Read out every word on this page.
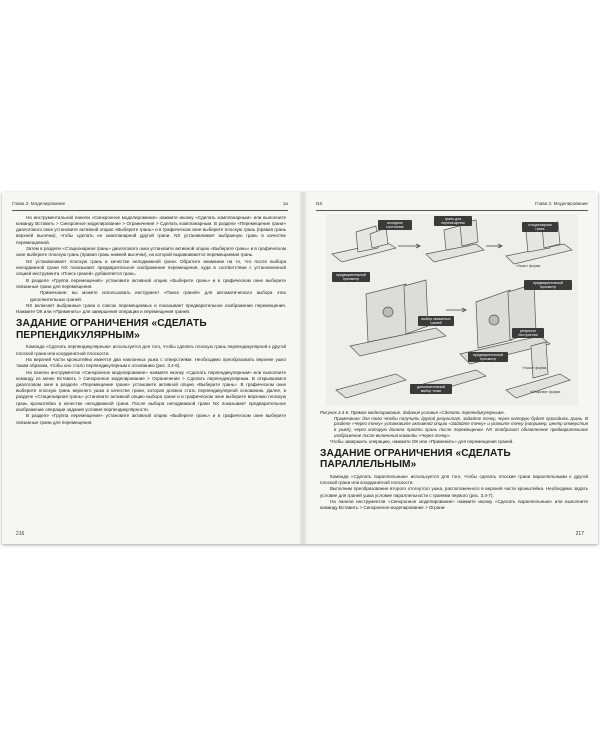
Глава 3. Моделирование	1a

На инструментальной панели «Синхронное моделирование» нажмите иконку «Сделать компланарным» или выполните команду Вставить > Синхронное моделирование > Ограничение > Сделать компланарным. В разделе «Перемещение грани» диалогового окна установите активной опцию «Выберите грань» и в графическом окне выберите плоскую грань (правая грань верхней высечки), чтобы сделать ее компланарной другой грани. NX устанавливает выбранную грань в качестве перемещаемой.

Затем в разделе «Стационарная грань» диалогового окна установите активной опцию «Выберите грань» и в графическом окне выберите плоскую грань (правая грань нижней высечки), на которой выравнивается перемещаемая грань.

NX устанавливает плоскую грань в качестве неподвижной грани. Обратите внимание на то, что после выбора неподвижной грани NX показывает предварительное изображение перемещения, куда в соответствии с установленной опцией инструмента «Поиск граней» добавляется грань.

В разделе «Группа перемещения» установите активной опцию «Выберите грань» и в графическом окне выберите связанные грани для перемещения.

Примечание: вы можете использовать инструмент «Поиск граней» для автоматического выбора этих дополнительных граней.

NX включает выбранные грани в список перемещаемых и показывает предварительное изображение перемещения. Нажмите ОК или «Применить» для завершения операции и перемещения граней.

ЗАДАНИЕ ОГРАНИЧЕНИЯ «СДЕЛАТЬ ПЕРПЕНДИКУЛЯРНЫМ»

Команда «Сделать перпендикулярным» используется для того, чтобы сделать плоскую грань перпендикулярной к другой плоской грани или координатной плоскости.

На верхней части кронштейна имеется два наклонных ушка с отверстиями. Необходимо преобразовать верхнее ушко таким образом, чтобы оно стало перпендикулярным к основанию (рис. 3.4-6).

На панели инструментов «Синхронное моделирование» нажмите иконку «Сделать перпендикулярным» или выполните команду из меню Вставить > Синхронное моделирование > Ограничение > Сделать перпендикулярным. В открывшемся диалоговом окне в разделе «Перемещение грани» установите активной опцию «Выберите грань». В графическом окне выберите плоскую грань верхнего ушка в качестве грани, которая должна стать перпендикулярной основанию. Далее, в разделе «Стационарная грань» установите активной опцию выбора грани и в графическом окне выберите верхнюю плоскую грань кронштейна в качестве неподвижной грани. После выбора неподвижной грани NX показывает предварительное изображение операции задания условия перпендикулярности.

В разделе «Группа перемещения» установите активной опцию «Выберите грань» и в графическом окне выберите связанные грани для перемещения.

216
NX	Глава 3. Моделирование
исходное состояние
грань для перемещения	стационарная грань
«Ушко» форма
предварительный просмотр
предварительный просмотр
выбор связанных граней
результат построения
предварительный просмотр
«Ушко» форма
дополнительный выбор точки	«Опорная» форма

Рисунок 3.4-6. Прямое моделирование. Задание условия «Сделать перпендикулярным».

Примечание: для того чтобы получить другой результат, задайте точку, через которую будет проходить грань. В разделе «Через точку» установите активной опцию «Задайте точку» и укажите точку (например, центр отверстия в ушке), через которую должна пройти грань после перемещения. NX отобразит обновленное предварительное изображение после включения команды «Через точку».

Чтобы завершить операцию, нажмите ОК или «Применить» для перемещения граней.

ЗАДАНИЕ ОГРАНИЧЕНИЯ «СДЕЛАТЬ ПАРАЛЛЕЛЬНЫМ»

Команда «Сделать параллельным» используется для того, чтобы сделать плоские грани параллельными к другой плоской грани или координатной плоскости.

Выполним преобразование второго отогнутого ушка, расположенного в верхней части кронштейна. Необходимо задать условие для граней ушка условие параллельности с гранями первого (рис. 3.4-7).

На панели инструментов «Синхронное моделирование» нажмите иконку «Сделать параллельным» или выполните команду Вставить > Синхронное моделирование > Ограни-

217
